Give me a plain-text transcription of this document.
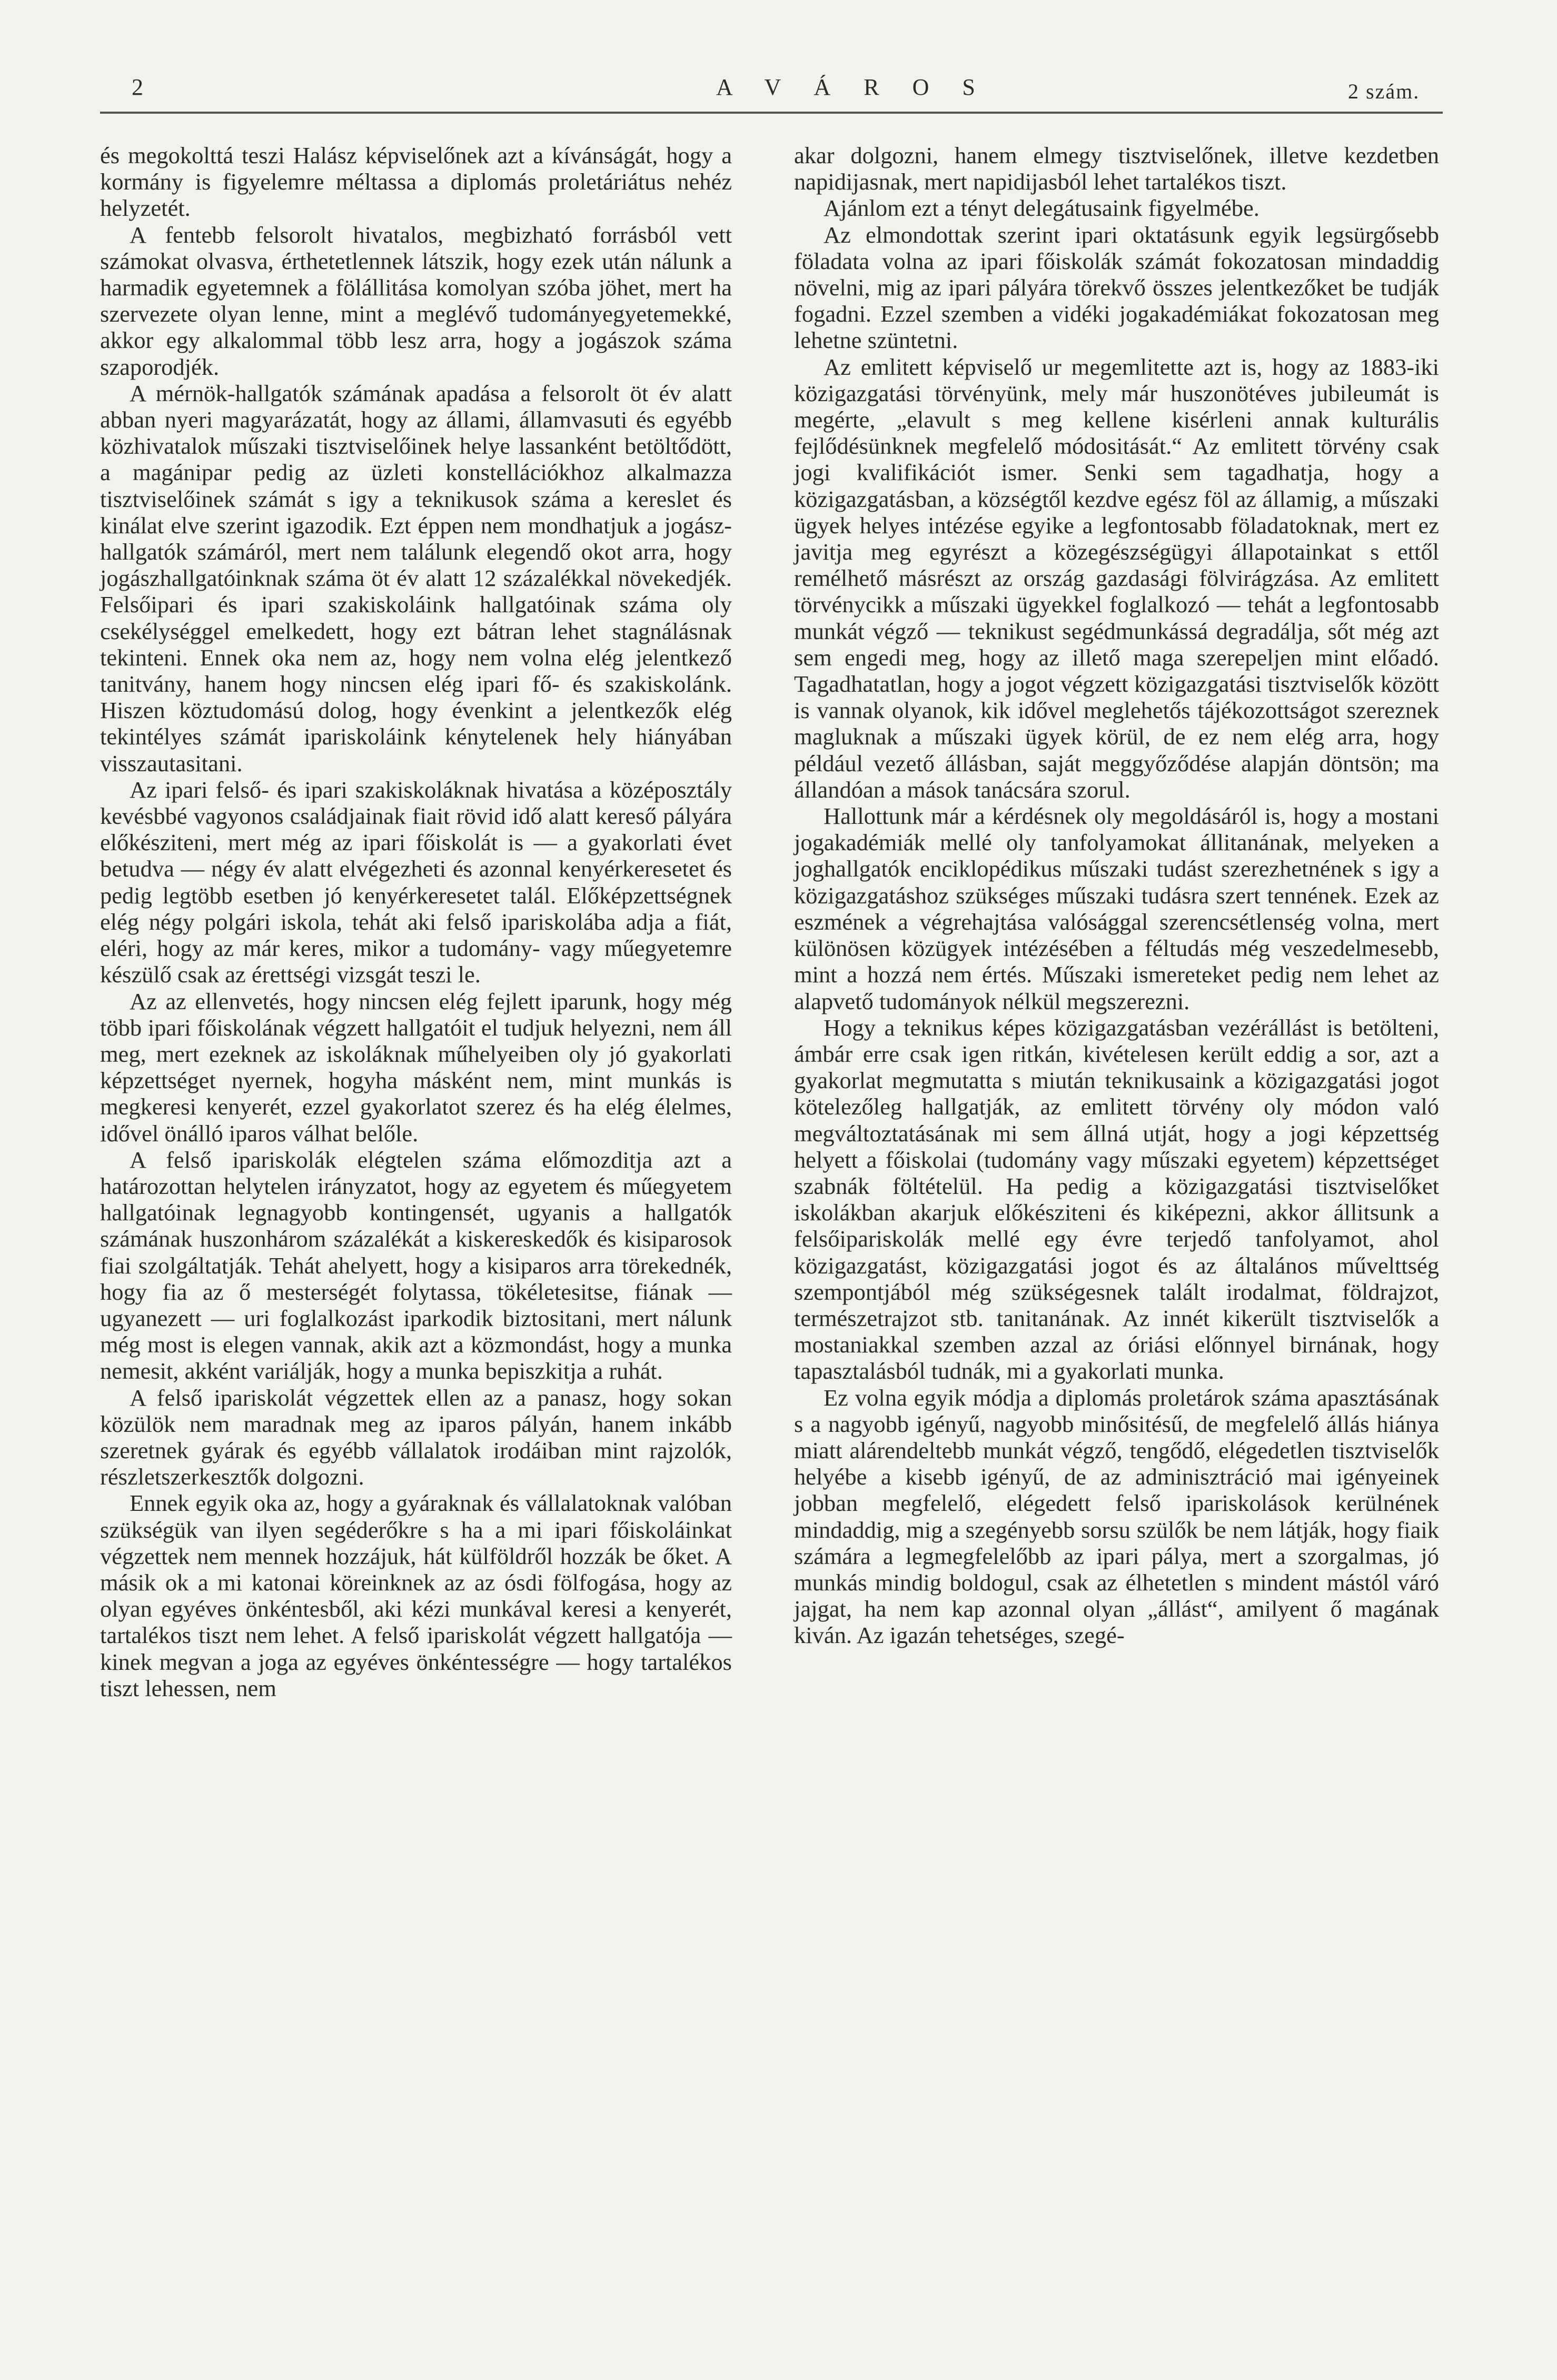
2	A V Á R O S	2 szám.

és megokolttá teszi Halász képviselőnek azt a kívánságát, hogy a kormány is figyelemre méltassa a diplomás proletáriátus nehéz helyzetét.

A fentebb felsorolt hivatalos, megbizható forrásból vett számokat olvasva, érthetetlennek látszik, hogy ezek után nálunk a harmadik egyetemnek a fölállitása komolyan szóba jöhet, mert ha szervezete olyan lenne, mint a meglévő tudományegyetemekké, akkor egy alkalommal több lesz arra, hogy a jogászok száma szaporodjék.

A mérnök-hallgatók számának apadása a felsorolt öt év alatt abban nyeri magyarázatát, hogy az állami, államvasuti és egyébb közhivatalok műszaki tisztviselőinek helye lassanként betöltődött, a magánipar pedig az üzleti konstellációkhoz alkalmazza tisztviselőinek számát s igy a teknikusok száma a kereslet és kinálat elve szerint igazodik. Ezt éppen nem mondhatjuk a jogász-hallgatók számáról, mert nem találunk elegendő okot arra, hogy jogászhallgatóinknak száma öt év alatt 12 százalékkal növekedjék. Felsőipari és ipari szakiskoláink hallgatóinak száma oly csekélységgel emelkedett, hogy ezt bátran lehet stagnálásnak tekinteni. Ennek oka nem az, hogy nem volna elég jelentkező tanitvány, hanem hogy nincsen elég ipari fő- és szakiskolánk. Hiszen köztudomású dolog, hogy évenkint a jelentkezők elég tekintélyes számát ipariskoláink kénytelenek hely hiányában visszautasitani.

Az ipari felső- és ipari szakiskoláknak hivatása a középosztály kevésbbé vagyonos családjainak fiait rövid idő alatt kereső pályára előkésziteni, mert még az ipari főiskolát is — a gyakorlati évet betudva — négy év alatt elvégezheti és azonnal kenyérkeresetet és pedig legtöbb esetben jó kenyérkeresetet talál. Előképzettségnek elég négy polgári iskola, tehát aki felső ipariskolába adja a fiát, eléri, hogy az már keres, mikor a tudomány- vagy műegyetemre készülő csak az érettségi vizsgát teszi le.

Az az ellenvetés, hogy nincsen elég fejlett iparunk, hogy még több ipari főiskolának végzett hallgatóit el tudjuk helyezni, nem áll meg, mert ezeknek az iskoláknak műhelyeiben oly jó gyakorlati képzettséget nyernek, hogyha másként nem, mint munkás is megkeresi kenyerét, ezzel gyakorlatot szerez és ha elég élelmes, idővel önálló iparos válhat belőle.

A felső ipariskolák elégtelen száma előmozditja azt a határozottan helytelen irányzatot, hogy az egyetem és műegyetem hallgatóinak legnagyobb kontingensét, ugyanis a hallgatók számának huszonhárom százalékát a kiskereskedők és kisiparosok fiai szolgáltatják. Tehát ahelyett, hogy a kisiparos arra törekednék, hogy fia az ő mesterségét folytassa, tökéletesitse, fiának — ugyanezett — uri foglalkozást iparkodik biztositani, mert nálunk még most is elegen vannak, akik azt a közmondást, hogy a munka nemesit, akként variálják, hogy a munka bepiszkitja a ruhát.

A felső ipariskolát végzettek ellen az a panasz, hogy sokan közülök nem maradnak meg az iparos pályán, hanem inkább szeretnek gyárak és egyébb vállalatok irodáiban mint rajzolók, részletszerkesztők dolgozni.

Ennek egyik oka az, hogy a gyáraknak és vállalatoknak valóban szükségük van ilyen segéderőkre s ha a mi ipari főiskoláinkat végzettek nem mennek hozzájuk, hát külföldről hozzák be őket. A másik ok a mi katonai köreinknek az az ósdi fölfogása, hogy az olyan egyéves önkéntesből, aki kézi munkával keresi a kenyerét, tartalékos tiszt nem lehet. A felső ipariskolát végzett hallgatója — kinek megvan a joga az egyéves önkéntességre — hogy tartalékos tiszt lehessen, nem

akar dolgozni, hanem elmegy tisztviselőnek, illetve kezdetben napidijasnak, mert napidijasból lehet tartalékos tiszt.

Ajánlom ezt a tényt delegátusaink figyelmébe.

Az elmondottak szerint ipari oktatásunk egyik legsürgősebb föladata volna az ipari főiskolák számát fokozatosan mindaddig növelni, mig az ipari pályára törekvő összes jelentkezőket be tudják fogadni. Ezzel szemben a vidéki jogakadémiákat fokozatosan meg lehetne szüntetni.

Az emlitett képviselő ur megemlitette azt is, hogy az 1883-iki közigazgatási törvényünk, mely már huszonötéves jubileumát is megérte, „elavult s meg kellene kisérleni annak kulturális fejlődésünknek megfelelő módositását.“ Az emlitett törvény csak jogi kvalifikációt ismer. Senki sem tagadhatja, hogy a közigazgatásban, a községtől kezdve egész föl az államig, a műszaki ügyek helyes intézése egyike a legfontosabb föladatoknak, mert ez javitja meg egyrészt a közegészségügyi állapotainkat s ettől remélhető másrészt az ország gazdasági fölvirágzása. Az emlitett törvénycikk a műszaki ügyekkel foglalkozó — tehát a legfontosabb munkát végző — teknikust segédmunkássá degradálja, sőt még azt sem engedi meg, hogy az illető maga szerepeljen mint előadó. Tagadhatatlan, hogy a jogot végzett közigazgatási tisztviselők között is vannak olyanok, kik idővel meglehetős tájékozottságot szereznek magluknak a műszaki ügyek körül, de ez nem elég arra, hogy például vezető állásban, saját meggyőződése alapján döntsön; ma állandóan a mások tanácsára szorul.

Hallottunk már a kérdésnek oly megoldásáról is, hogy a mostani jogakadémiák mellé oly tanfolyamokat állitanának, melyeken a joghallgatók enciklopédikus műszaki tudást szerezhetnének s igy a közigazgatáshoz szükséges műszaki tudásra szert tennének. Ezek az eszmének a végrehajtása valósággal szerencsétlenség volna, mert különösen közügyek intézésében a féltudás még veszedelmesebb, mint a hozzá nem értés. Műszaki ismereteket pedig nem lehet az alapvető tudományok nélkül megszerezni.

Hogy a teknikus képes közigazgatásban vezérállást is betölteni, ámbár erre csak igen ritkán, kivételesen került eddig a sor, azt a gyakorlat megmutatta s miután teknikusaink a közigazgatási jogot kötelezőleg hallgatják, az emlitett törvény oly módon való megváltoztatásának mi sem állná utját, hogy a jogi képzettség helyett a főiskolai (tudomány vagy műszaki egyetem) képzettséget szabnák föltételül. Ha pedig a közigazgatási tisztviselőket iskolákban akarjuk előkésziteni és kiképezni, akkor állitsunk a felsőipariskolák mellé egy évre terjedő tanfolyamot, ahol közigazgatást, közigazgatási jogot és az általános művelttség szempontjából még szükségesnek talált irodalmat, földrajzot, természetrajzot stb. tanitanának. Az innét kikerült tisztviselők a mostaniakkal szemben azzal az óriási előnnyel birnának, hogy tapasztalásból tudnák, mi a gyakorlati munka.

Ez volna egyik módja a diplomás proletárok száma apasztásának s a nagyobb igényű, nagyobb minősitésű, de megfelelő állás hiánya miatt alárendeltebb munkát végző, tengődő, elégedetlen tisztviselők helyébe a kisebb igényű, de az adminisztráció mai igényeinek jobban megfelelő, elégedett felső ipariskolások kerülnének mindaddig, mig a szegényebb sorsu szülők be nem látják, hogy fiaik számára a legmegfelelőbb az ipari pálya, mert a szorgalmas, jó munkás mindig boldogul, csak az élhetetlen s mindent mástól váró jajgat, ha nem kap azonnal olyan „állást“, amilyent ő magának kiván. Az igazán tehetséges, szegé-
